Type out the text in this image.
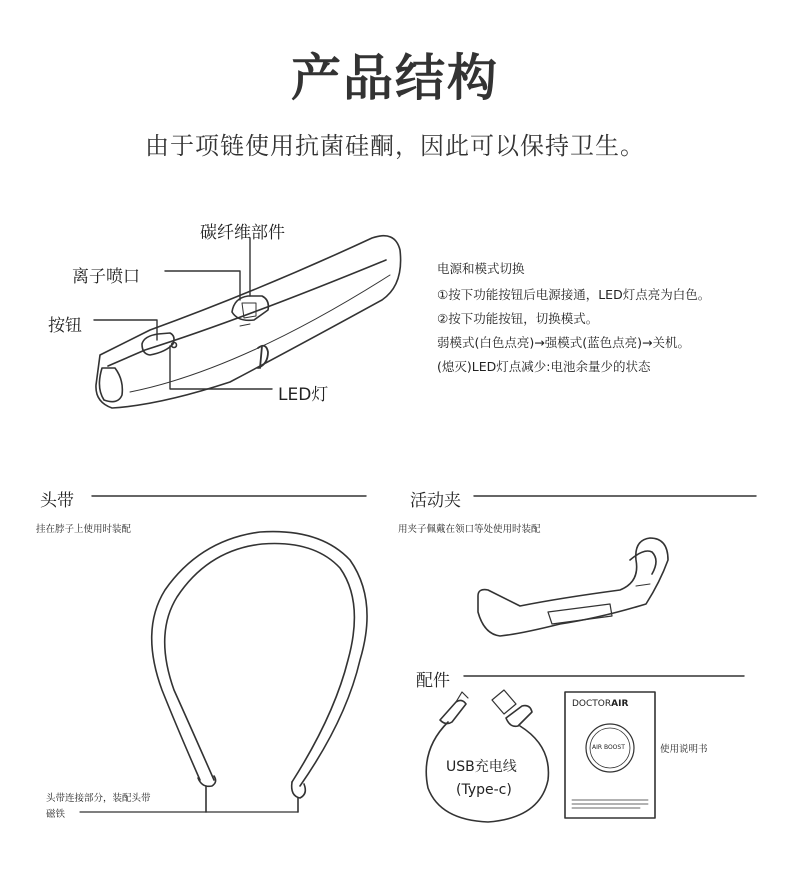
产品结构
由于项链使用抗菌硅酮，因此可以保持卫生。
碳纤维部件
离子喷口
按钮
LED灯
电源和模式切换
①按下功能按钮后电源接通，LED灯点亮为白色。
②按下功能按钮，切换模式。
弱模式(白色点亮)→强模式(蓝色点亮)→关机。
(熄灭)LED灯点减少:电池余量少的状态
头带
挂在脖子上使用时装配
头带连接部分，装配头带
磁铁
活动夹
用夹子佩戴在领口等处使用时装配
配件
USB充电线
(Type-c)
DOCTORAIR
AIR BOOST	使用说明书
